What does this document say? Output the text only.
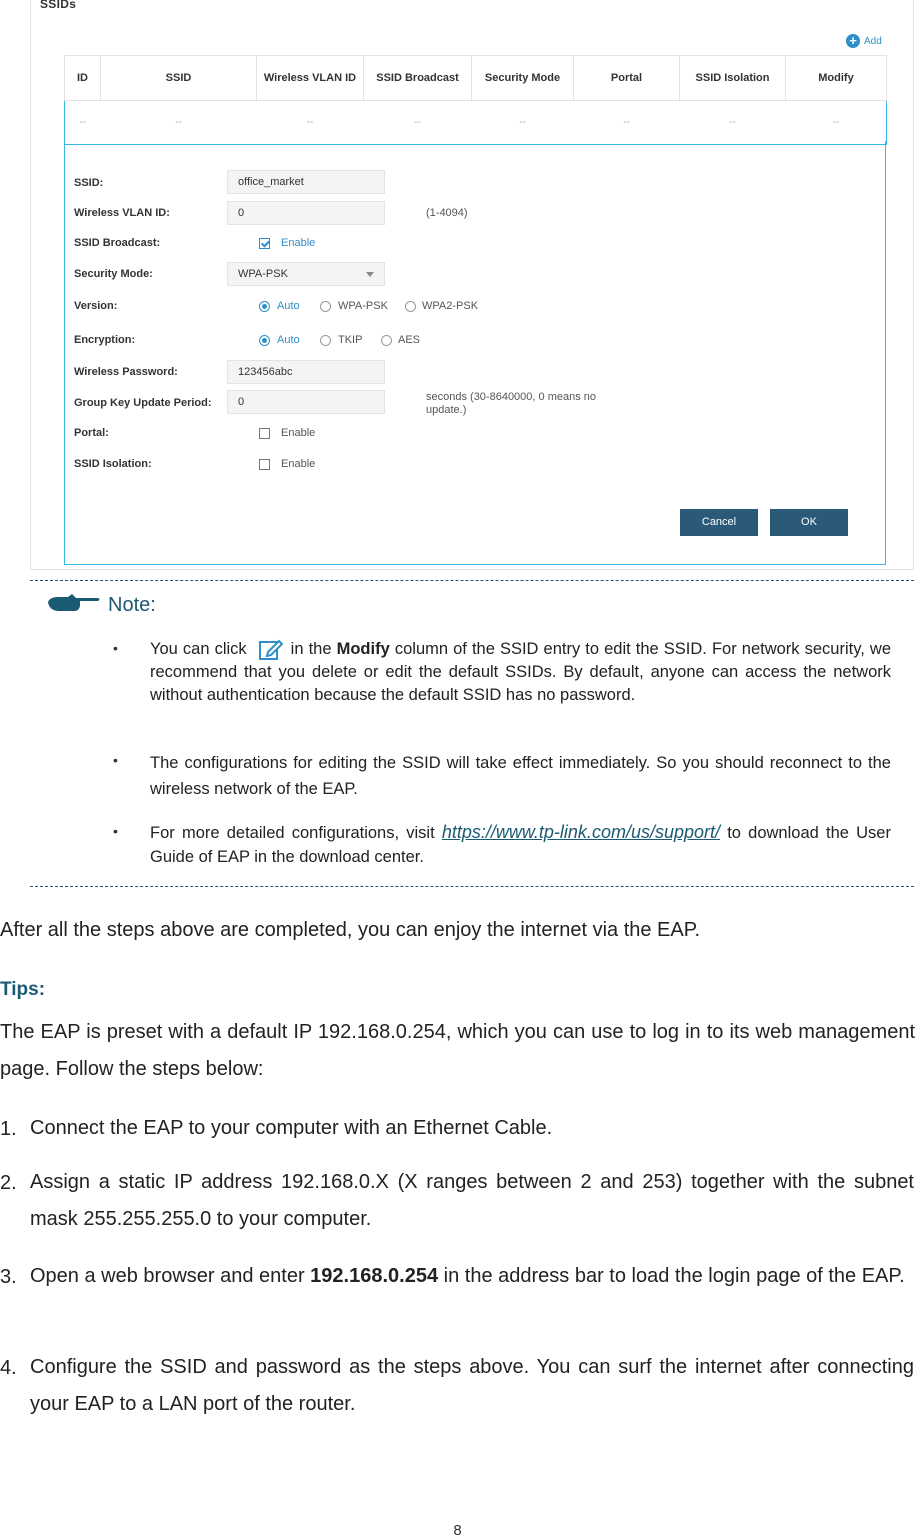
SSIDs
+ Add
ID	SSID	Wireless VLAN ID	SSID Broadcast	Security Mode	Portal	SSID Isolation	Modify
--	--	--	--	--	--	--	--
SSID:
office_market
Wireless VLAN ID:
0	(1-4094)
SSID Broadcast:	Enable
Security Mode:	WPA-PSK
Version:	Auto	WPA-PSK	WPA2-PSK
Encryption:	Auto	TKIP	AES
Wireless Password:
123456abc
Group Key Update Period:
0	seconds (30-8640000, 0 means no
update.)
Portal:	Enable
SSID Isolation:	Enable
Cancel	OK
Note:
• You can click	in the Modify column of the SSID entry to edit the SSID. For network security, we recommend that you delete or edit the default SSIDs. By default, anyone can access the network without authentication because the default SSID has no password.
• The configurations for editing the SSID will take effect immediately. So you should reconnect to the wireless network of the EAP.
• For more detailed configurations, visit https://www.tp-link.com/us/support/ to download the User Guide of EAP in the download center.
After all the steps above are completed, you can enjoy the internet via the EAP.
Tips:
The EAP is preset with a default IP 192.168.0.254, which you can use to log in to its web management page. Follow the steps below:
1. Connect the EAP to your computer with an Ethernet Cable.
2. Assign a static IP address 192.168.0.X (X ranges between 2 and 253) together with the subnet mask 255.255.255.0 to your computer.
3. Open a web browser and enter 192.168.0.254 in the address bar to load the login page of the EAP.
4. Configure the SSID and password as the steps above. You can surf the internet after connecting your EAP to a LAN port of the router.
8
